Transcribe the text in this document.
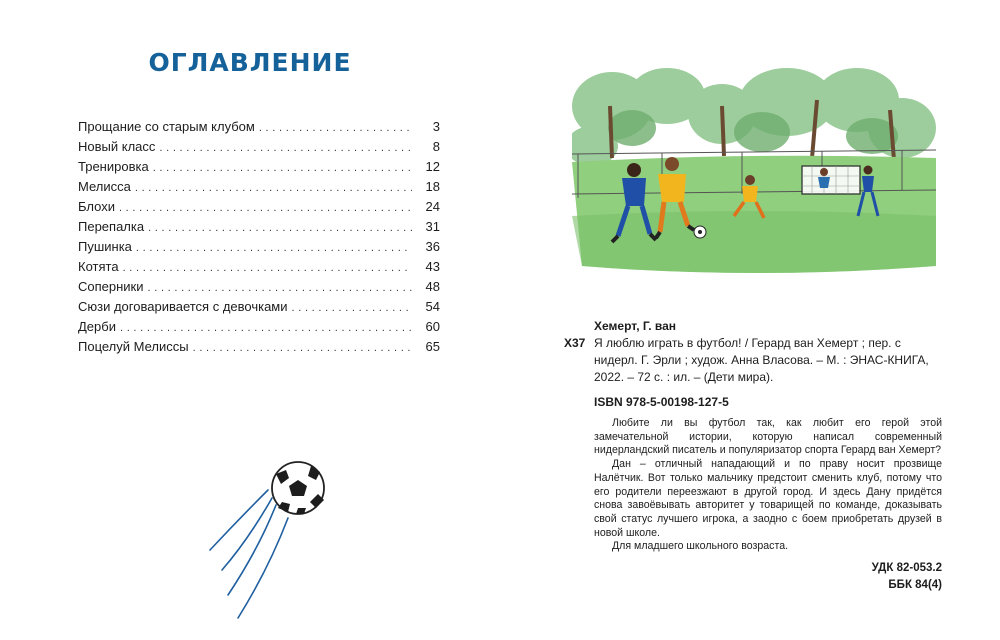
ОГЛАВЛЕНИЕ
Прощание со старым клубом . . .	3
Новый класс . . .	8
Тренировка . . .	12
Мелисса . . .	18
Блохи . . .	24
Перепалка . . .	31
Пушинка . . .	36
Котята . . .	43
Соперники . . .	48
Сюзи договаривается с девочками . . .	54
Дерби . . .	60
Поцелуй Мелиссы . . .	65
Хемерт, Г. ван
Х37 Я люблю играть в футбол! / Герард ван Хемерт ; пер. с нидерл. Г. Эрли ; худож. Анна Власова. – М. : ЭНАС-КНИГА, 2022. – 72 с. : ил. – (Дети мира).
ISBN 978-5-00198-127-5

Любите ли вы футбол так, как любит его герой этой замечательной истории, которую написал современный нидерландский писатель и популяризатор спорта Герард ван Хемерт?

Дан – отличный нападающий и по праву носит прозвище Налётчик. Вот только мальчику предстоит сменить клуб, потому что его родители переезжают в другой город. И здесь Дану придётся снова завоёвывать авторитет у товарищей по команде, доказывать свой статус лучшего игрока, а заодно с боем приобретать друзей в новой школе.

Для младшего школьного возраста.

УДК 82-053.2
ББК 84(4)
